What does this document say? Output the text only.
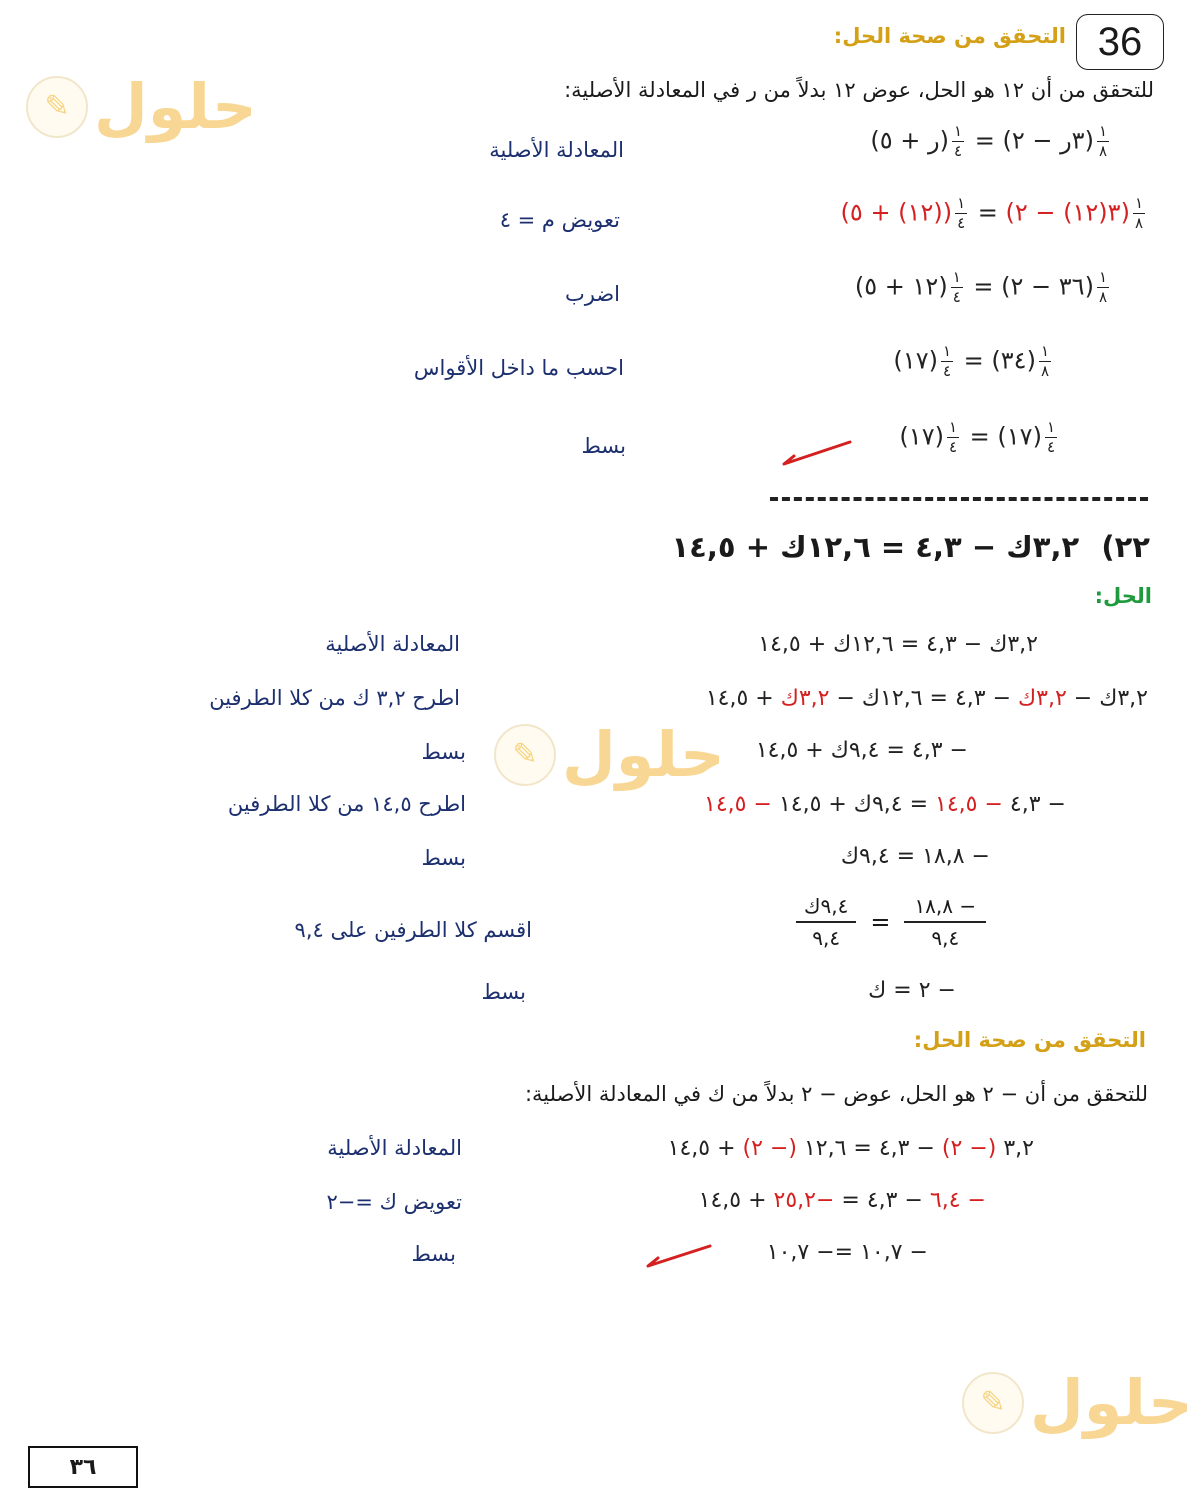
36
✎ حلول
✎ حلول
✎ حلول
التحقق من صحة الحل:
للتحقق من أن ١٢ هو الحل، عوض ١٢ بدلاً من ر في المعادلة الأصلية:
$\frac{١}{٨}$
(٣ر − ٢) =
$\frac{١}{٤}$
(ر + ٥)
المعادلة الأصلية
$\frac{١}{٨}$
(٣(١٢) − ٢) =
$\frac{١}{٤}$
((١٢) + ٥)
تعويض م = ٤
$\frac{١}{٨}$
(٣٦ − ٢) =
$\frac{١}{٤}$
(١٢ + ٥)
اضرب
$\frac{١}{٨}$
(٣٤) =
$\frac{١}{٤}$
(١٧)
احسب ما داخل الأقواس
$\frac{١}{٤}$
(١٧) =
$\frac{١}{٤}$
(١٧)
بسط
٢٢) ٣,٢ك − ٤,٣ = ١٢,٦ك + ١٤,٥
الحل:
٣,٢ك − ٤,٣ = ١٢,٦ك + ١٤,٥
المعادلة الأصلية
٣,٢ك − ٣,٢ك − ٤,٣ = ١٢,٦ك − ٣,٢ك + ١٤,٥
اطرح ٣,٢ ك من كلا الطرفين
− ٤,٣ = ٩,٤ك + ١٤,٥
بسط
− ٤,٣ − ١٤,٥ = ٩,٤ك + ١٤,٥ − ١٤,٥
اطرح ١٤,٥ من كلا الطرفين
− ١٨,٨ = ٩,٤ك
بسط
٩,٤ك
٩,٤
=
− ١٨,٨
٩,٤
اقسم كلا الطرفين على ٩,٤
− ٢ = ك
بسط
التحقق من صحة الحل:
للتحقق من أن − ٢ هو الحل، عوض − ٢ بدلاً من ك في المعادلة الأصلية:
٣,٢ (− ٢) − ٤,٣ = ١٢,٦ (− ٢) + ١٤,٥
المعادلة الأصلية
− ٦,٤ − ٤,٣ = −٢٥,٢ + ١٤,٥
تعويض ك =−٢
− ١٠,٧ =− ١٠,٧
بسط
٣٦
